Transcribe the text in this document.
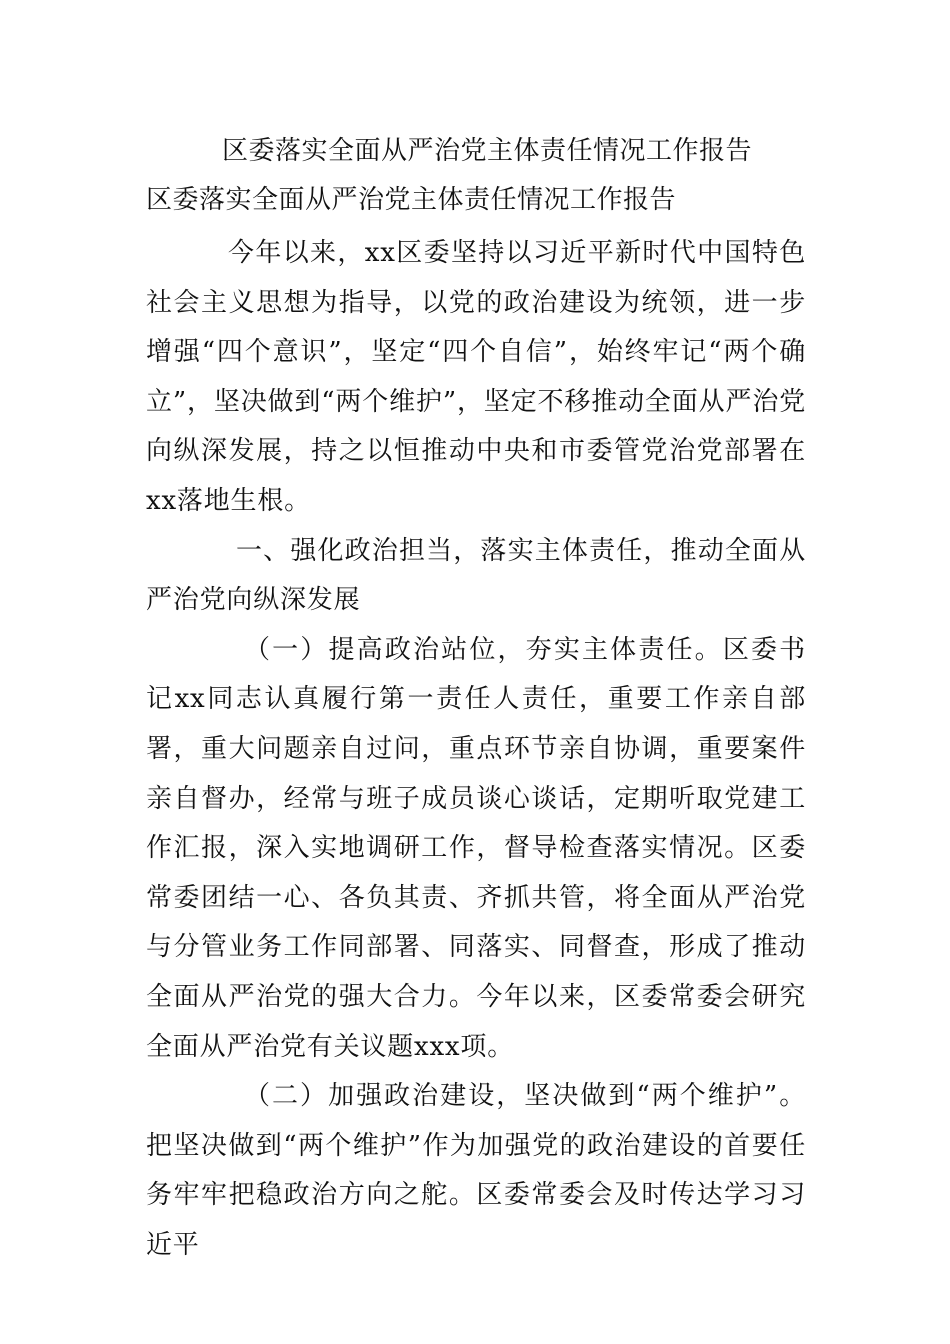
区委落实全面从严治党主体责任情况工作报告
区委落实全面从严治党主体责任情况工作报告

今年以来，xx区委坚持以习近平新时代中国特色社会主义思想为指导，以党的政治建设为统领，进一步增强“四个意识”，坚定“四个自信”，始终牢记“两个确立”，坚决做到“两个维护”，坚定不移推动全面从严治党向纵深发展，持之以恒推动中央和市委管党治党部署在xx落地生根。

一、强化政治担当，落实主体责任，推动全面从严治党向纵深发展

（一）提高政治站位，夯实主体责任。区委书记xx同志认真履行第一责任人责任，重要工作亲自部署，重大问题亲自过问，重点环节亲自协调，重要案件亲自督办，经常与班子成员谈心谈话，定期听取党建工作汇报，深入实地调研工作，督导检查落实情况。区委常委团结一心、各负其责、齐抓共管，将全面从严治党与分管业务工作同部署、同落实、同督查，形成了推动全面从严治党的强大合力。今年以来，区委常委会研究全面从严治党有关议题xxx项。

（二）加强政治建设，坚决做到“两个维护”。把坚决做到“两个维护”作为加强党的政治建设的首要任务牢牢把稳政治方向之舵。区委常委会及时传达学习习近平
